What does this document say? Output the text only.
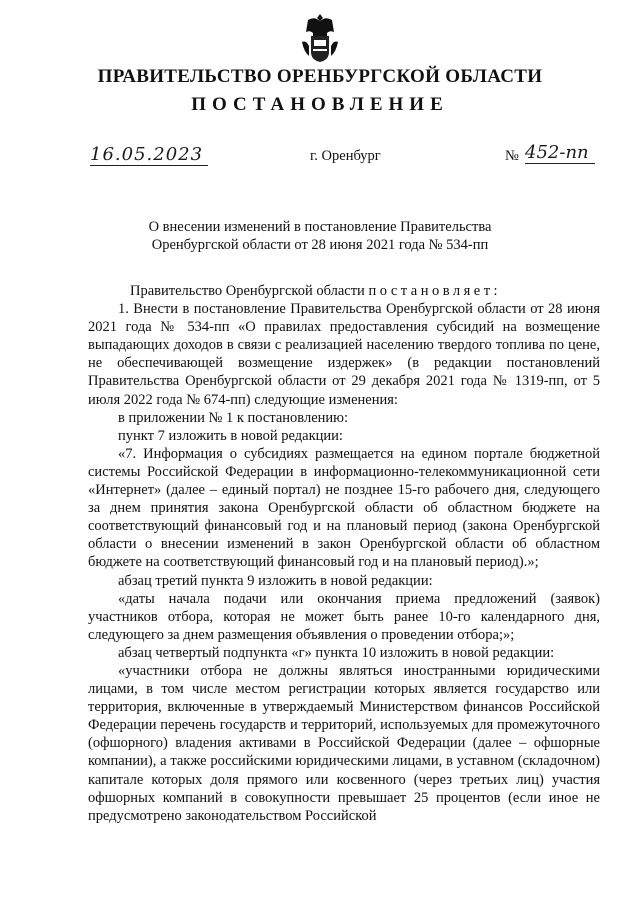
ПРАВИТЕЛЬСТВО ОРЕНБУРГСКОЙ ОБЛАСТИ
ПОСТАНОВЛЕНИЕ
16.05.2023	г. Оренбург	№ 452-пп
О внесении изменений в постановление Правительства
Оренбургской области от 28 июня 2021 года № 534-пп

Правительство Оренбургской области постановляет:

1. Внести в постановление Правительства Оренбургской области от 28 июня 2021 года № 534-пп «О правилах предоставления субсидий на возмещение выпадающих доходов в связи с реализацией населению твердого топлива по цене, не обеспечивающей возмещение издержек» (в редакции постановлений Правительства Оренбургской области от 29 декабря 2021 года № 1319-пп, от 5 июля 2022 года № 674-пп) следующие изменения:

в приложении № 1 к постановлению:

пункт 7 изложить в новой редакции:

«7. Информация о субсидиях размещается на едином портале бюджетной системы Российской Федерации в информационно-телекоммуникационной сети «Интернет» (далее – единый портал) не позднее 15-го рабочего дня, следующего за днем принятия закона Оренбургской области об областном бюджете на соответствующий финансовый год и на плановый период (закона Оренбургской области о внесении изменений в закон Оренбургской области об областном бюджете на соответствующий финансовый год и на плановый период).»;

абзац третий пункта 9 изложить в новой редакции:

«даты начала подачи или окончания приема предложений (заявок) участников отбора, которая не может быть ранее 10-го календарного дня, следующего за днем размещения объявления о проведении отбора;»;

абзац четвертый подпункта «г» пункта 10 изложить в новой редакции:

«участники отбора не должны являться иностранными юридическими лицами, в том числе местом регистрации которых является государство или территория, включенные в утверждаемый Министерством финансов Российской Федерации перечень государств и территорий, используемых для промежуточного (офшорного) владения активами в Российской Федерации (далее – офшорные компании), а также российскими юридическими лицами, в уставном (складочном) капитале которых доля прямого или косвенного (через третьих лиц) участия офшорных компаний в совокупности превышает 25 процентов (если иное не предусмотрено законодательством Российской
